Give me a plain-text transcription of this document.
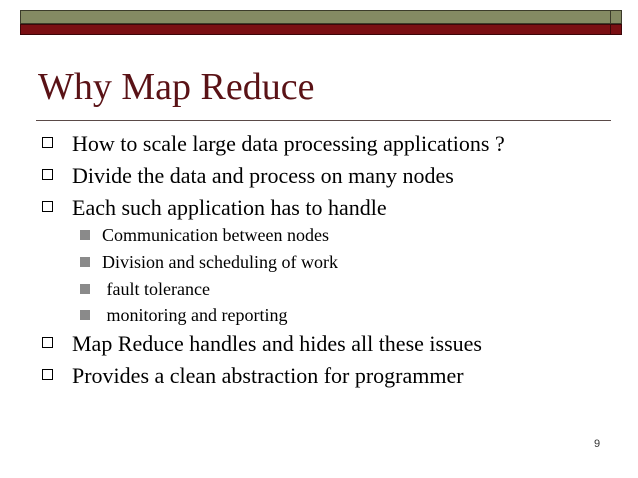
Why Map Reduce
How to scale large data processing applications ?
Divide the data and process on many nodes
Each such application has to handle
Communication between nodes
Division and scheduling of work
fault tolerance
monitoring and reporting
Map Reduce handles and hides all these issues
Provides a clean abstraction for programmer
9
